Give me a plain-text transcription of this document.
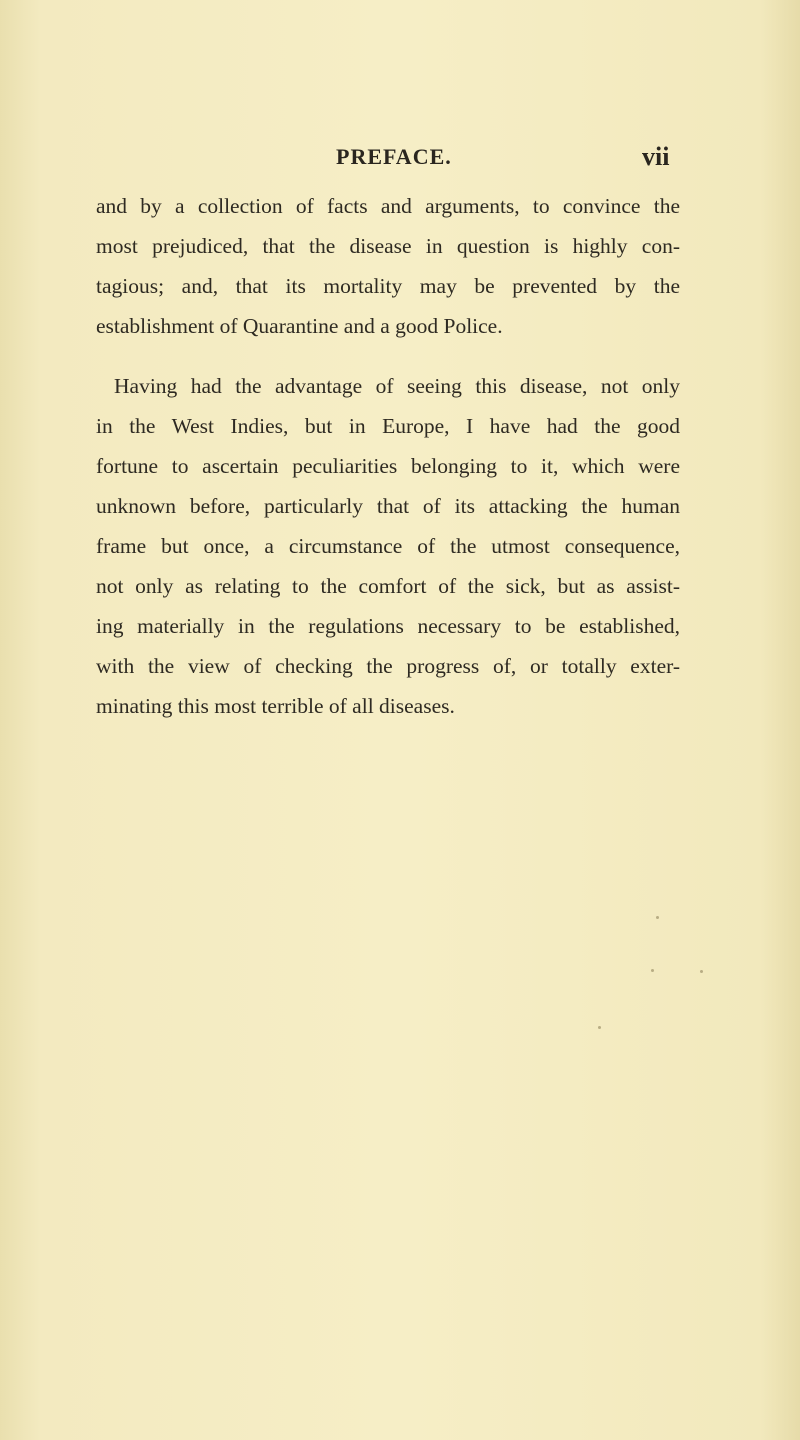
PREFACE.	vii

and by a collection of facts and arguments, to convince the
most prejudiced, that the disease in question is highly con-
tagious; and, that its mortality may be prevented by the
establishment of Quarantine and a good Police.

Having had the advantage of seeing this disease, not only
in the West Indies, but in Europe, I have had the good
fortune to ascertain peculiarities belonging to it, which were
unknown before, particularly that of its attacking the human
frame but once, a circumstance of the utmost consequence,
not only as relating to the comfort of the sick, but as assist-
ing materially in the regulations necessary to be established,
with the view of checking the progress of, or totally exter-
minating this most terrible of all diseases.
